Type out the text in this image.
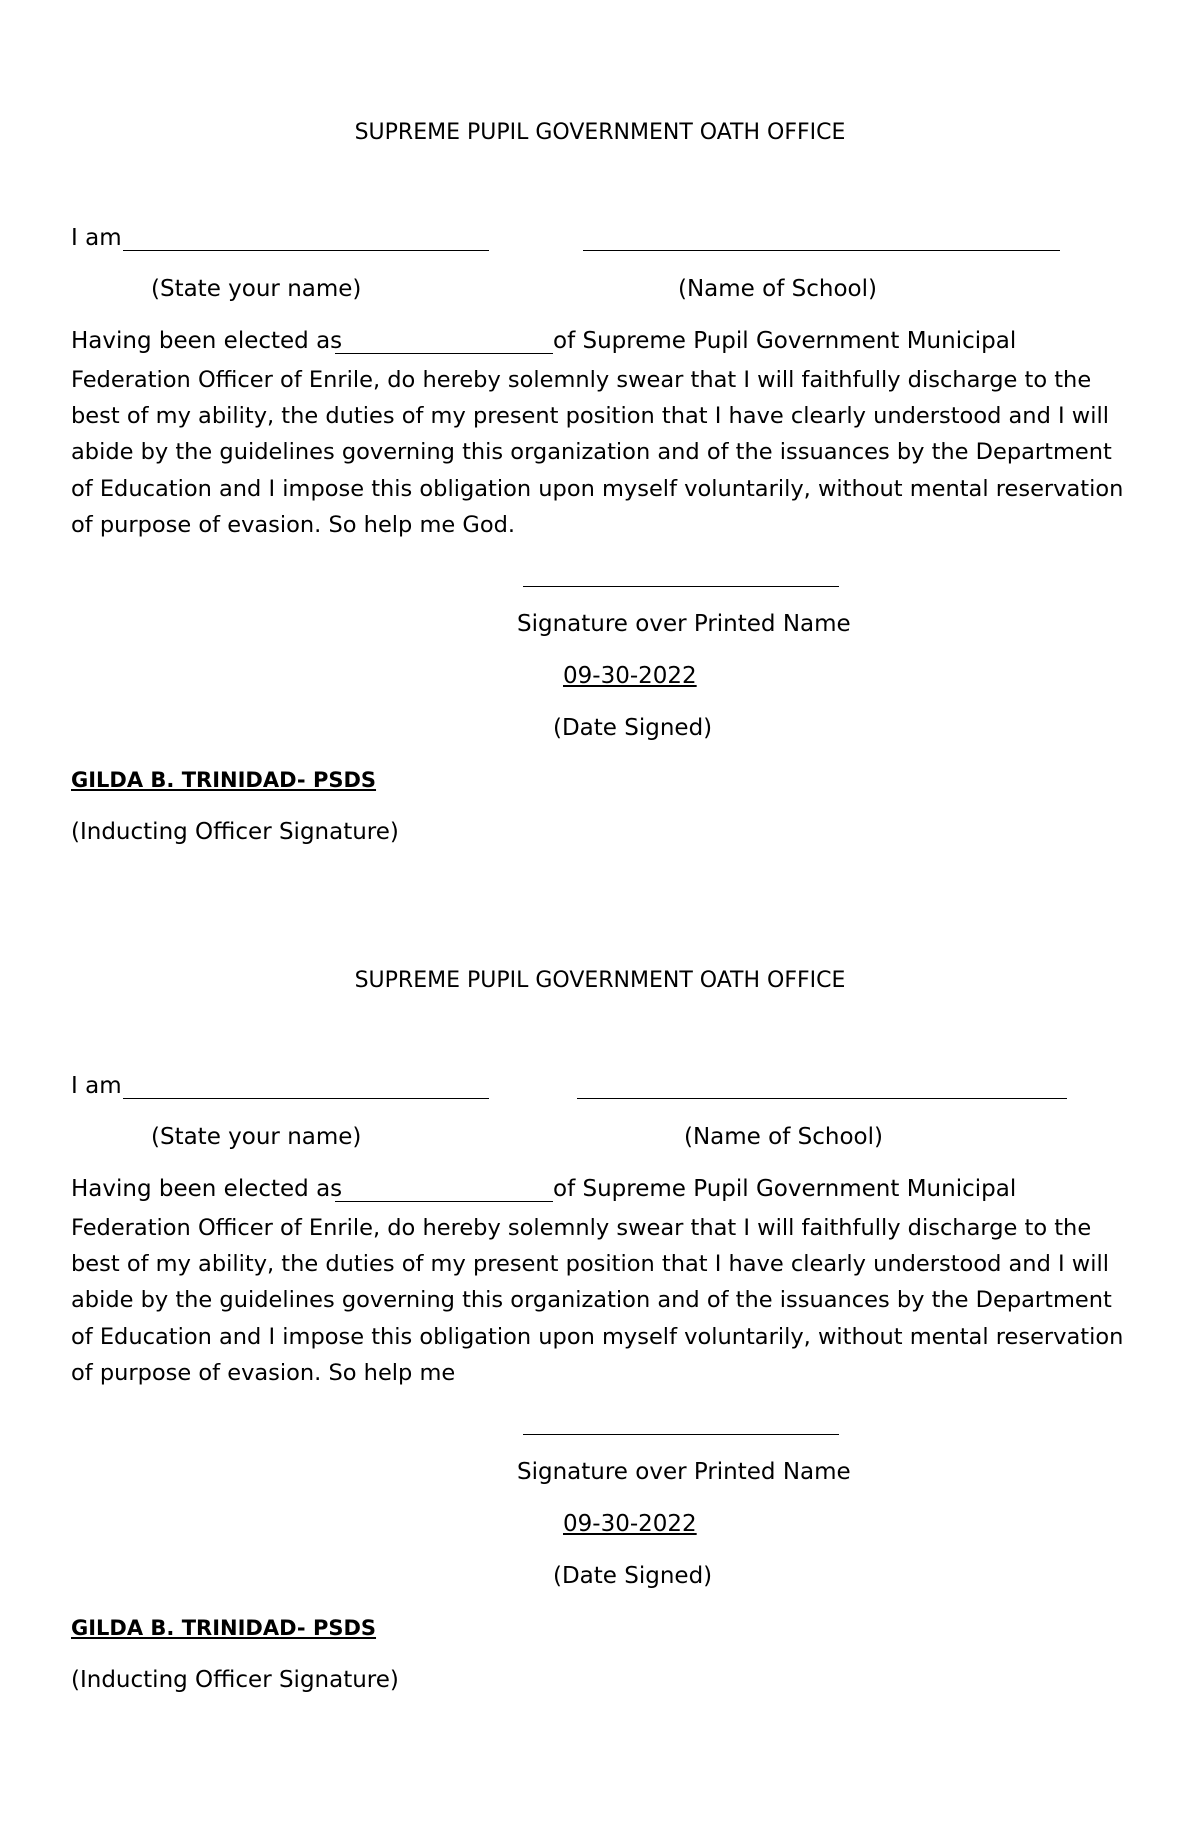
SUPREME PUPIL GOVERNMENT OATH OFFICE
I am
(State your name)	(Name of School)
Having been elected as	of Supreme Pupil Government Municipal
Federation Officer of Enrile, do hereby solemnly swear that I will faithfully discharge to the best of my ability, the duties of my present position that I have clearly understood and I will abide by the guidelines governing this organization and of the issuances by the Department of Education and I impose this obligation upon myself voluntarily, without mental reservation of purpose of evasion. So help me God.
Signature over Printed Name
09-30-2022
(Date Signed)
GILDA B. TRINIDAD- PSDS
(Inducting Officer Signature)
SUPREME PUPIL GOVERNMENT OATH OFFICE
I am
(State your name)	(Name of School)
Having been elected as	of Supreme Pupil Government Municipal
Federation Officer of Enrile, do hereby solemnly swear that I will faithfully discharge to the best of my ability, the duties of my present position that I have clearly understood and I will abide by the guidelines governing this organization and of the issuances by the Department of Education and I impose this obligation upon myself voluntarily, without mental reservation of purpose of evasion. So help me
Signature over Printed Name
09-30-2022
(Date Signed)
GILDA B. TRINIDAD- PSDS
(Inducting Officer Signature)
